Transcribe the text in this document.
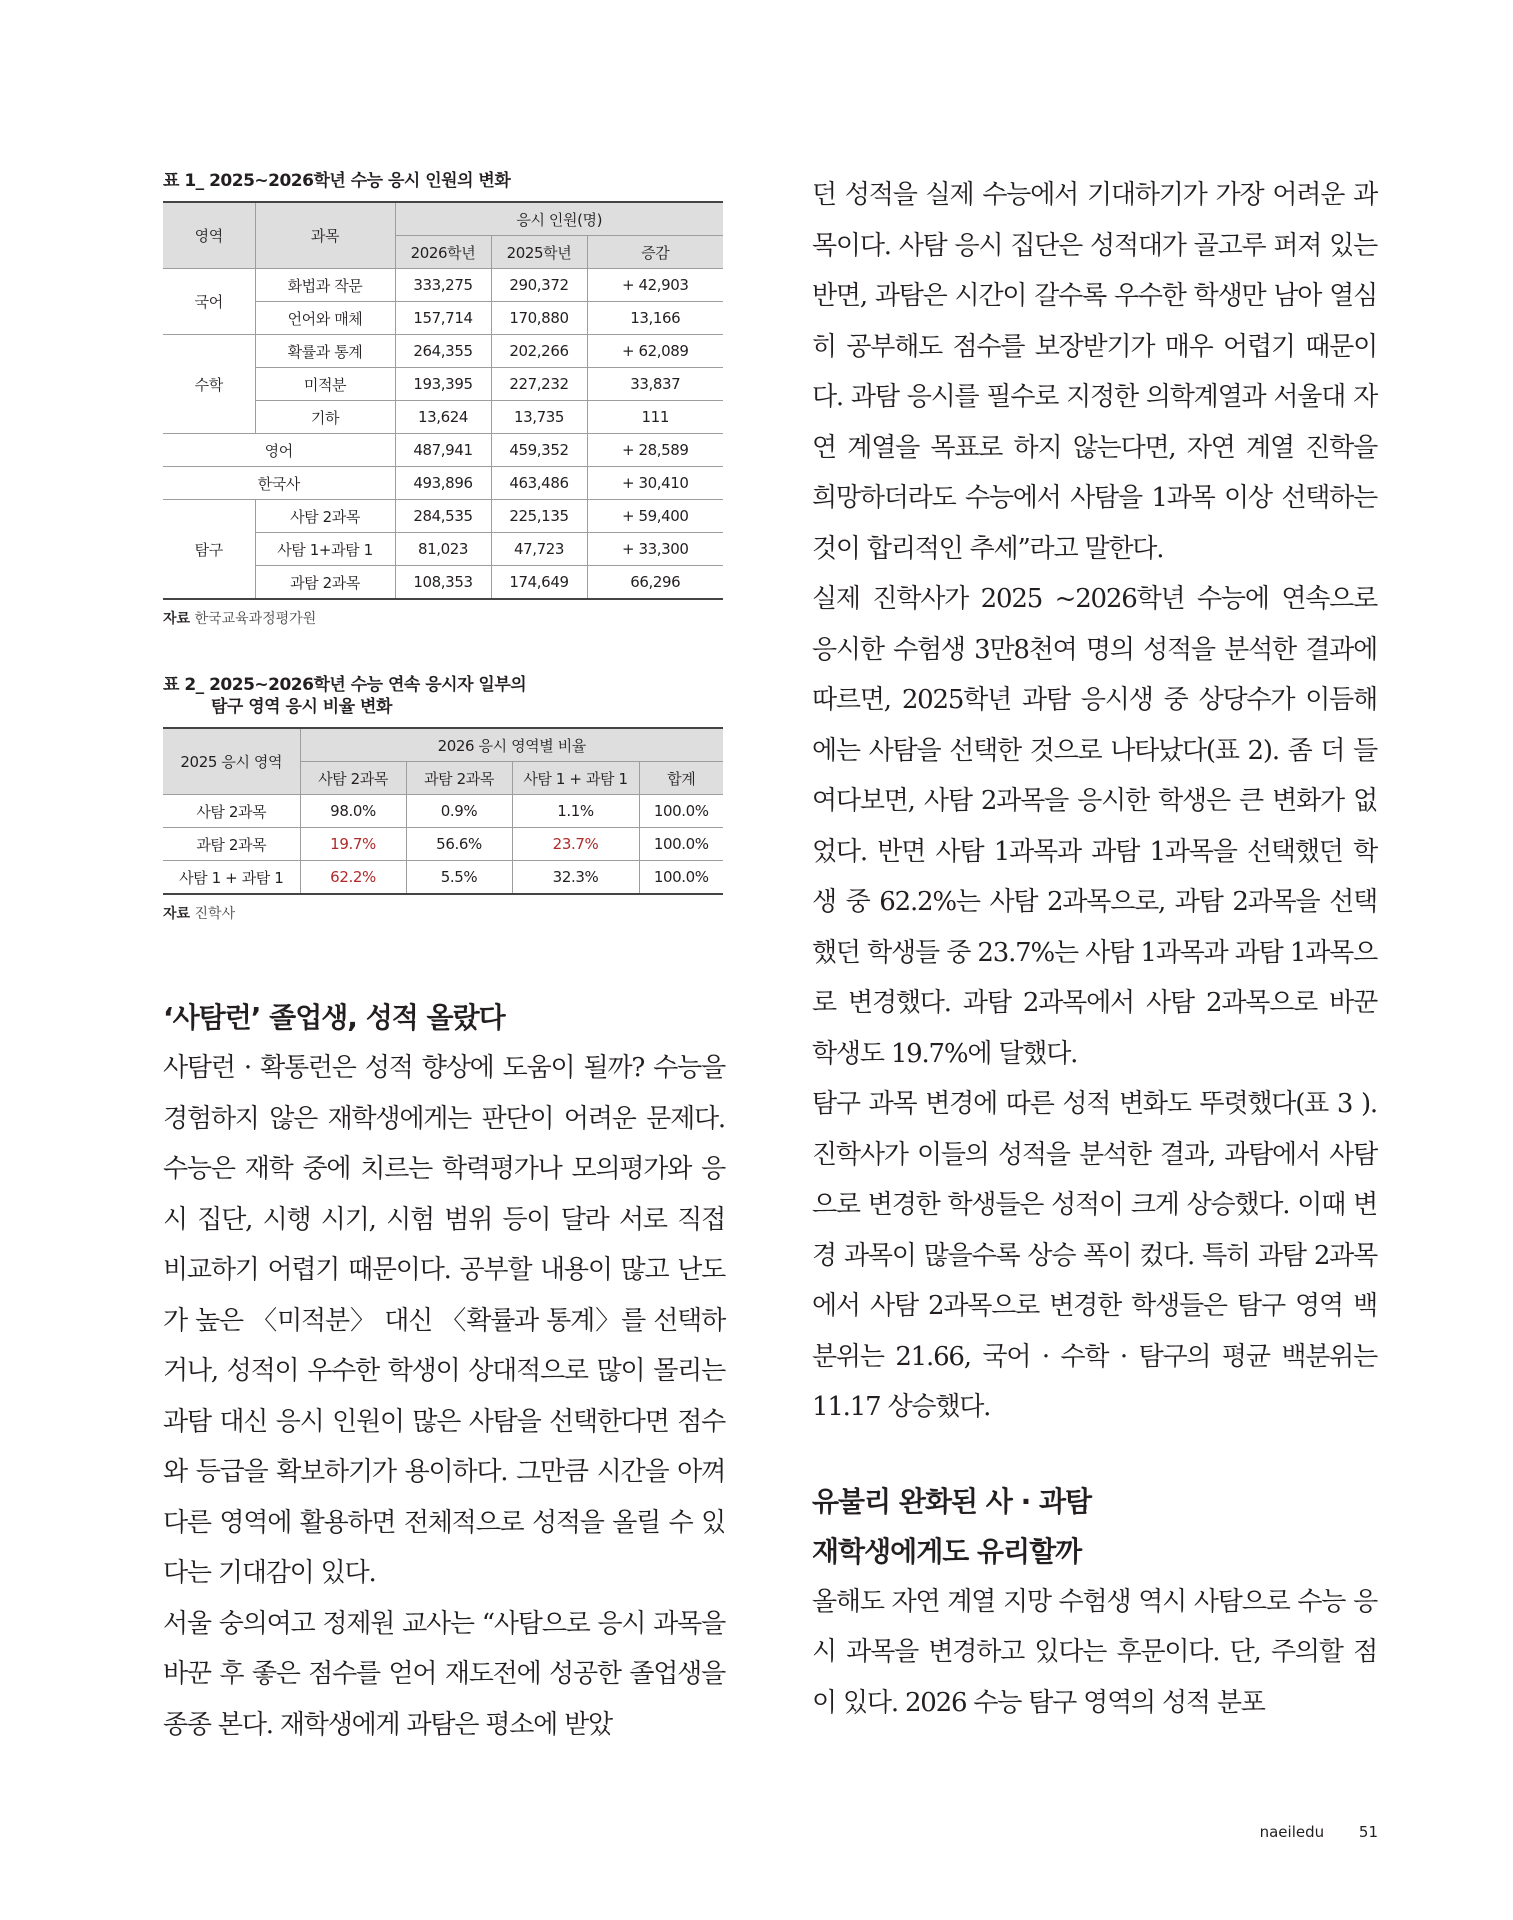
표 1_ 2025~2026학년 수능 응시 인원의 변화
영역	과목	응시 인원(명)		
		2026학년	2025학년	증감
국어	화법과 작문	333,275	290,372	+ 42,903
	언어와 매체	157,714	170,880	13,166
수학	확률과 통계	264,355	202,266	+ 62,089
	미적분	193,395	227,232	33,837
	기하	13,624	13,735	111
영어		487,941	459,352	+ 28,589
한국사		493,896	463,486	+ 30,410
탐구	사탐 2과목	284,535	225,135	+ 59,400
	사탐 1+과탐 1	81,023	47,723	+ 33,300
	과탐 2과목	108,353	174,649	66,296
자료 한국교육과정평가원
표 2_ 2025~2026학년 수능 연속 응시자 일부의
탐구 영역 응시 비율 변화
2025 응시 영역	2026 응시 영역별 비율			
	사탐 2과목	과탐 2과목	사탐 1 + 과탐 1	합계
사탐 2과목	98.0%	0.9%	1.1%	100.0%
과탐 2과목	19.7%	56.6%	23.7%	100.0%
사탐 1 + 과탐 1	62.2%	5.5%	32.3%	100.0%
자료 진학사
‘사탐런’ 졸업생, 성적 올랐다

사탐런 · 확통런은 성적 향상에 도움이 될까? 수능을 경험하지 않은 재학생에게는 판단이 어려운 문제다. 수능은 재학 중에 치르는 학력평가나 모의평가와 응시 집단, 시행 시기, 시험 범위 등이 달라 서로 직접 비교하기 어렵기 때문이다. 공부할 내용이 많고 난도가 높은 〈미적분〉 대신 〈확률과 통계〉를 선택하거나, 성적이 우수한 학생이 상대적으로 많이 몰리는 과탐 대신 응시 인원이 많은 사탐을 선택한다면 점수와 등급을 확보하기가 용이하다. 그만큼 시간을 아껴 다른 영역에 활용하면 전체적으로 성적을 올릴 수 있다는 기대감이 있다.

서울 숭의여고 정제원 교사는 “사탐으로 응시 과목을 바꾼 후 좋은 점수를 얻어 재도전에 성공한 졸업생을 종종 본다. 재학생에게 과탐은 평소에 받았

던 성적을 실제 수능에서 기대하기가 가장 어려운 과목이다. 사탐 응시 집단은 성적대가 골고루 퍼져 있는 반면, 과탐은 시간이 갈수록 우수한 학생만 남아 열심히 공부해도 점수를 보장받기가 매우 어렵기 때문이다. 과탐 응시를 필수로 지정한 의학계열과 서울대 자연 계열을 목표로 하지 않는다면, 자연 계열 진학을 희망하더라도 수능에서 사탐을 1과목 이상 선택하는 것이 합리적인 추세”라고 말한다.

실제 진학사가 2025 ~2026학년 수능에 연속으로 응시한 수험생 3만8천여 명의 성적을 분석한 결과에 따르면, 2025학년 과탐 응시생 중 상당수가 이듬해에는 사탐을 선택한 것으로 나타났다(표 2). 좀 더 들여다보면, 사탐 2과목을 응시한 학생은 큰 변화가 없었다. 반면 사탐 1과목과 과탐 1과목을 선택했던 학생 중 62.2%는 사탐 2과목으로, 과탐 2과목을 선택했던 학생들 중 23.7%는 사탐 1과목과 과탐 1과목으로 변경했다. 과탐 2과목에서 사탐 2과목으로 바꾼 학생도 19.7%에 달했다.

탐구 과목 변경에 따른 성적 변화도 뚜렷했다(표 3 ). 진학사가 이들의 성적을 분석한 결과, 과탐에서 사탐으로 변경한 학생들은 성적이 크게 상승했다. 이때 변경 과목이 많을수록 상승 폭이 컸다. 특히 과탐 2과목에서 사탐 2과목으로 변경한 학생들은 탐구 영역 백분위는 21.66, 국어 · 수학 · 탐구의 평균 백분위는 11.17 상승했다.

유불리 완화된 사 · 과탐
재학생에게도 유리할까

올해도 자연 계열 지망 수험생 역시 사탐으로 수능 응시 과목을 변경하고 있다는 후문이다. 단, 주의할 점이 있다. 2026 수능 탐구 영역의 성적 분포

naeiledu 51
